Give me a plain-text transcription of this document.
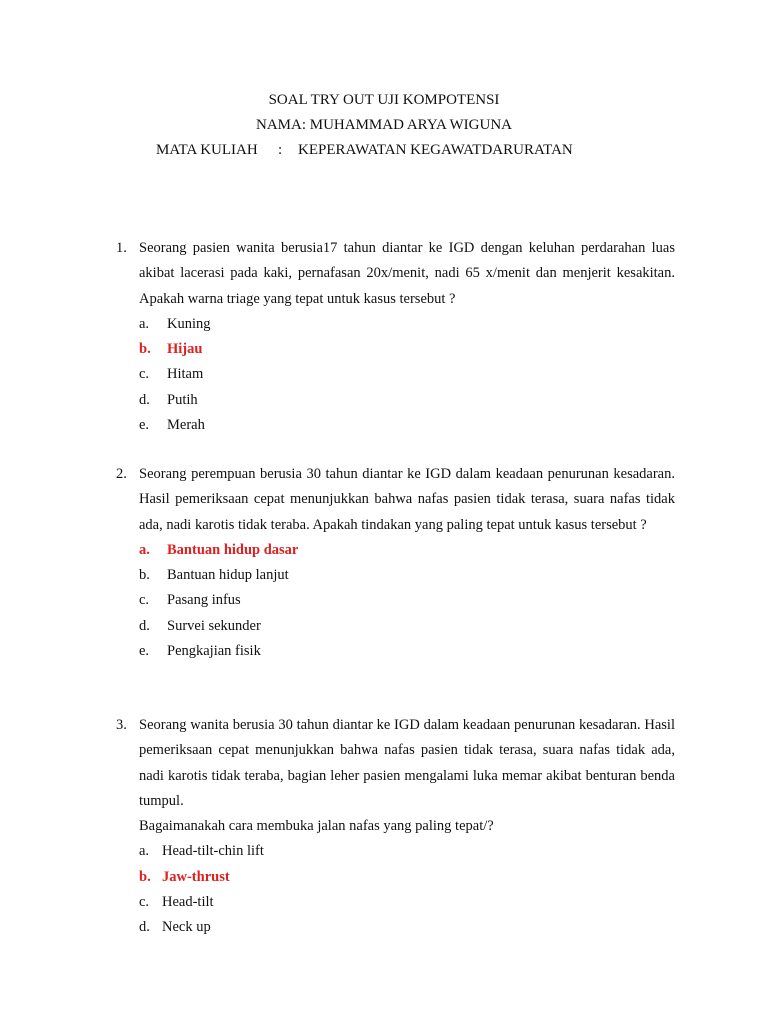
SOAL TRY OUT UJI KOMPOTENSI
NAMA: MUHAMMAD ARYA WIGUNA
MATA KULIAH : KEPERAWATAN KEGAWATDARURATAN
1. Seorang pasien wanita berusia17 tahun diantar ke IGD dengan keluhan perdarahan luas akibat lacerasi pada kaki, pernafasan 20x/menit, nadi 65 x/menit dan menjerit kesakitan. Apakah warna triage yang tepat untuk kasus tersebut ?
a. Kuning
b. Hijau
c. Hitam
d. Putih
e. Merah
2. Seorang perempuan berusia 30 tahun diantar ke IGD dalam keadaan penurunan kesadaran. Hasil pemeriksaan cepat menunjukkan bahwa nafas pasien tidak terasa, suara nafas tidak ada, nadi karotis tidak teraba. Apakah tindakan yang paling tepat untuk kasus tersebut ?
a. Bantuan hidup dasar
b. Bantuan hidup lanjut
c. Pasang infus
d. Survei sekunder
e. Pengkajian fisik
3. Seorang wanita berusia 30 tahun diantar ke IGD dalam keadaan penurunan kesadaran. Hasil pemeriksaan cepat menunjukkan bahwa nafas pasien tidak terasa, suara nafas tidak ada, nadi karotis tidak teraba, bagian leher pasien mengalami luka memar akibat benturan benda tumpul.
Bagaimanakah cara membuka jalan nafas yang paling tepat/?
a. Head-tilt-chin lift
b. Jaw-thrust
c. Head-tilt
d. Neck up
